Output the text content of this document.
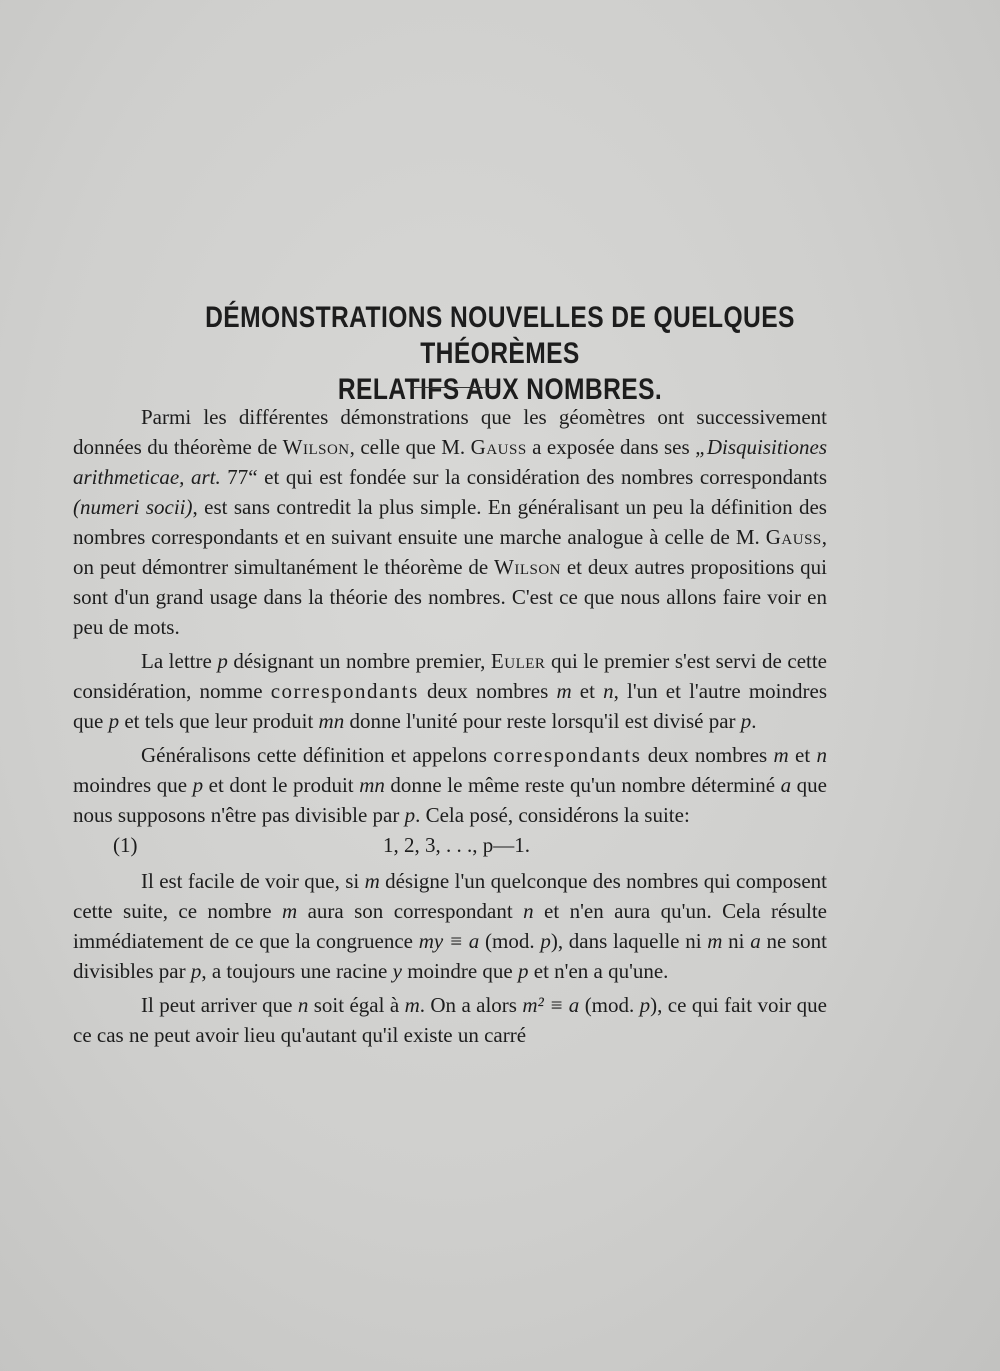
DÉMONSTRATIONS NOUVELLES DE QUELQUES THÉORÈMES
RELATIFS AUX NOMBRES.

Parmi les différentes démonstrations que les géomètres ont successivement données du théorème de Wilson, celle que M. Gauss a exposée dans ses „Disquisitiones arithmeticae, art. 77“ et qui est fondée sur la considération des nombres correspondants (numeri socii), est sans contredit la plus simple. En généralisant un peu la définition des nombres correspondants et en suivant ensuite une marche analogue à celle de M. Gauss, on peut démontrer simultanément le théorème de Wilson et deux autres propositions qui sont d'un grand usage dans la théorie des nombres. C'est ce que nous allons faire voir en peu de mots.

La lettre p désignant un nombre premier, Euler qui le premier s'est servi de cette considération, nomme correspondants deux nombres m et n, l'un et l'autre moindres que p et tels que leur produit mn donne l'unité pour reste lorsqu'il est divisé par p.

Généralisons cette définition et appelons correspondants deux nombres m et n moindres que p et dont le produit mn donne le même reste qu'un nombre déterminé a que nous supposons n'être pas divisible par p. Cela posé, considérons la suite:

(1)	1, 2, 3, . . ., p—1.

Il est facile de voir que, si m désigne l'un quelconque des nombres qui composent cette suite, ce nombre m aura son correspondant n et n'en aura qu'un. Cela résulte immédiatement de ce que la congruence my ≡ a (mod. p), dans laquelle ni m ni a ne sont divisibles par p, a toujours une racine y moindre que p et n'en a qu'une.

Il peut arriver que n soit égal à m. On a alors m² ≡ a (mod. p), ce qui fait voir que ce cas ne peut avoir lieu qu'autant qu'il existe un carré
